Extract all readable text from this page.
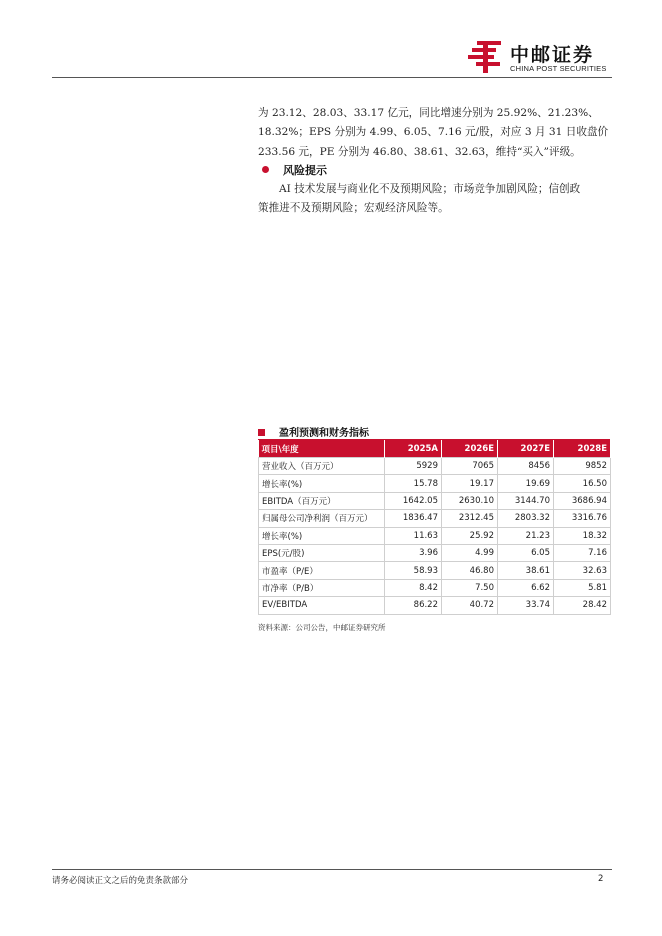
中邮证券
CHINA POST SECURITIES
为 23.12、28.03、33.17 亿元，同比增速分别为 25.92%、21.23%、
18.32%；EPS 分别为 4.99、6.05、7.16 元/股，对应 3 月 31 日收盘价
233.56 元，PE 分别为 46.80、38.61、32.63，维持“买入”评级。
风险提示
AI 技术发展与商业化不及预期风险；市场竞争加剧风险；信创政
策推进不及预期风险；宏观经济风险等。
盈利预测和财务指标
项目\年度	2025A	2026E	2027E	2028E
营业收入（百万元）	5929	7065	8456	9852
增长率(%)	15.78	19.17	19.69	16.50
EBITDA（百万元）	1642.05	2630.10	3144.70	3686.94
归属母公司净利润（百万元）	1836.47	2312.45	2803.32	3316.76
增长率(%)	11.63	25.92	21.23	18.32
EPS(元/股)	3.96	4.99	6.05	7.16
市盈率（P/E）	58.93	46.80	38.61	32.63
市净率（P/B）	8.42	7.50	6.62	5.81
EV/EBITDA	86.22	40.72	33.74	28.42
资料来源：公司公告，中邮证券研究所
请务必阅读正文之后的免责条款部分	2
